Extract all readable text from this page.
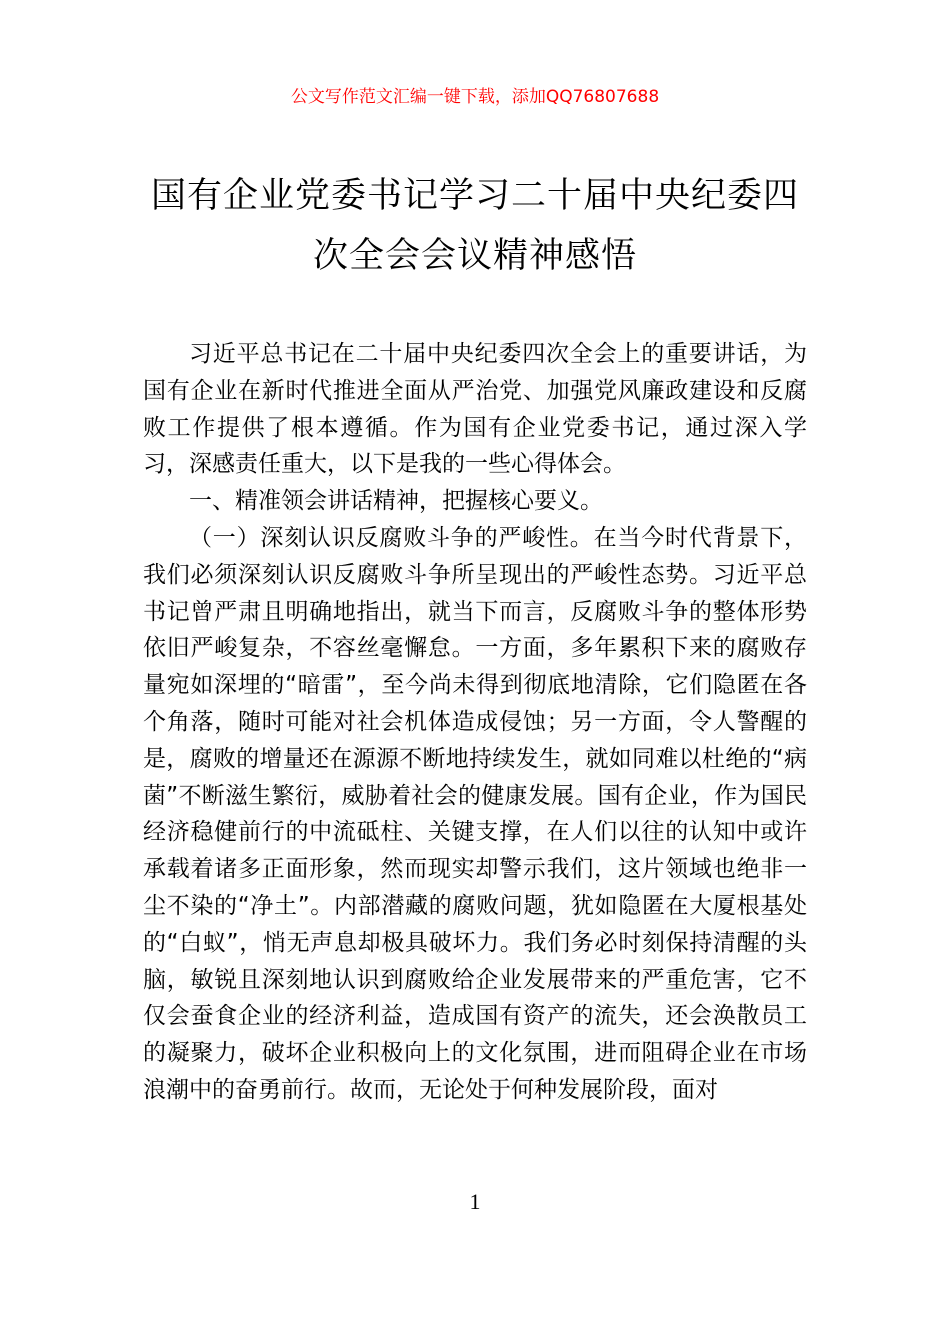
公文写作范文汇编一键下载，添加QQ76807688
国有企业党委书记学习二十届中央纪委四
次全会会议精神感悟

习近平总书记在二十届中央纪委四次全会上的重要讲话，为国有企业在新时代推进全面从严治党、加强党风廉政建设和反腐败工作提供了根本遵循。作为国有企业党委书记，通过深入学习，深感责任重大，以下是我的一些心得体会。

一、精准领会讲话精神，把握核心要义。

（一）深刻认识反腐败斗争的严峻性。在当今时代背景下，我们必须深刻认识反腐败斗争所呈现出的严峻性态势。习近平总书记曾严肃且明确地指出，就当下而言，反腐败斗争的整体形势依旧严峻复杂，不容丝毫懈怠。一方面，多年累积下来的腐败存量宛如深埋的“暗雷”，至今尚未得到彻底地清除，它们隐匿在各个角落，随时可能对社会机体造成侵蚀；另一方面，令人警醒的是，腐败的增量还在源源不断地持续发生，就如同难以杜绝的“病菌”不断滋生繁衍，威胁着社会的健康发展。国有企业，作为国民经济稳健前行的中流砥柱、关键支撑，在人们以往的认知中或许承载着诸多正面形象，然而现实却警示我们，这片领域也绝非一尘不染的“净土”。内部潜藏的腐败问题，犹如隐匿在大厦根基处的“白蚁”，悄无声息却极具破坏力。我们务必时刻保持清醒的头脑，敏锐且深刻地认识到腐败给企业发展带来的严重危害，它不仅会蚕食企业的经济利益，造成国有资产的流失，还会涣散员工的凝聚力，破坏企业积极向上的文化氛围，进而阻碍企业在市场浪潮中的奋勇前行。故而，无论处于何种发展阶段，面对

1
